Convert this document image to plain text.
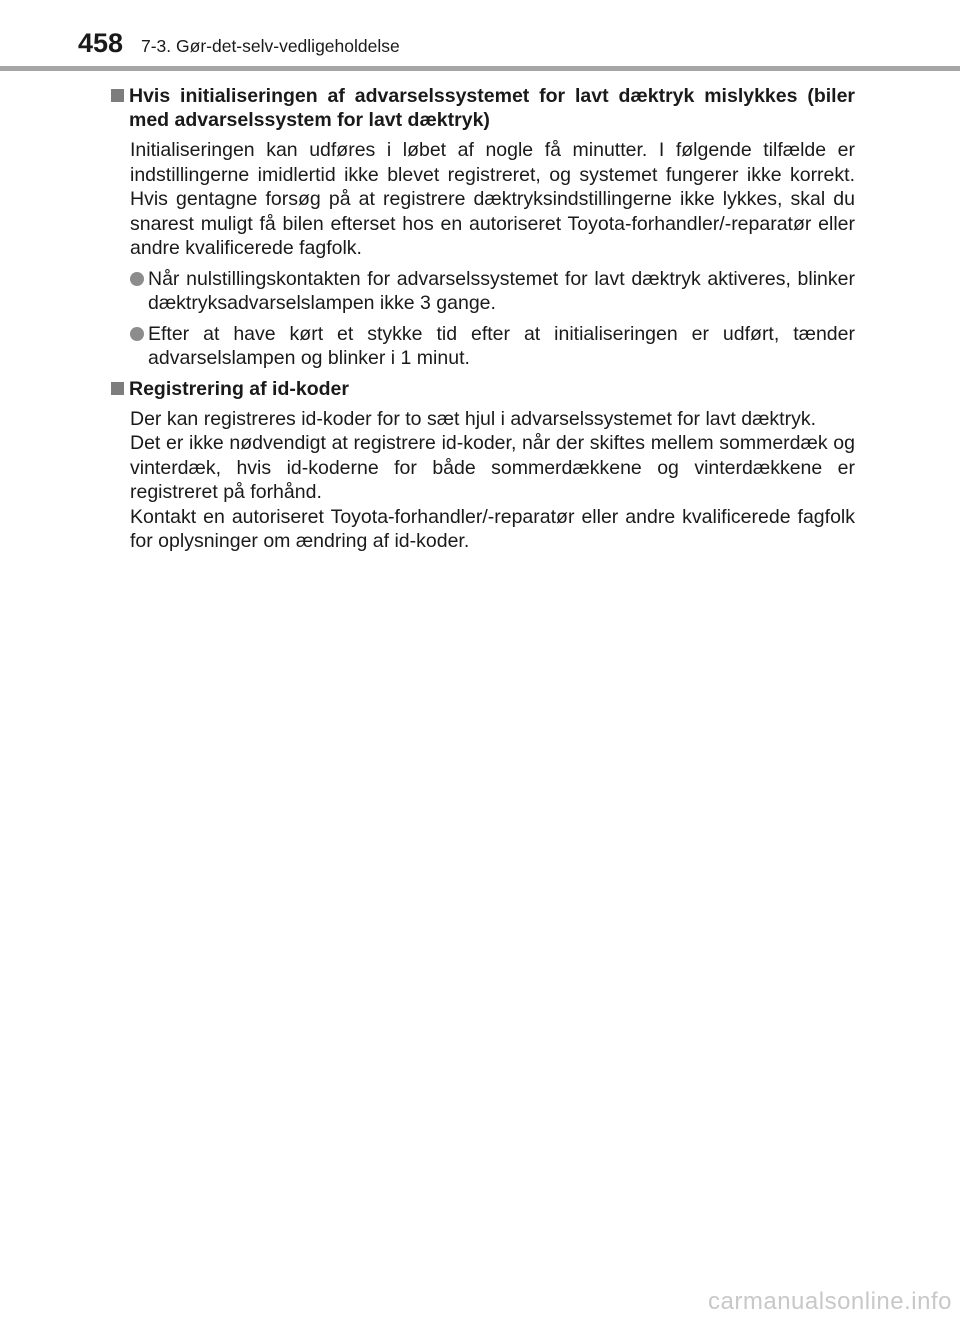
458 7-3. Gør-det-selv-vedligeholdelse
Hvis initialiseringen af advarselssystemet for lavt dæktryk mislykkes (biler med advarselssystem for lavt dæktryk)
Initialiseringen kan udføres i løbet af nogle få minutter. I følgende tilfælde er indstillingerne imidlertid ikke blevet registreret, og systemet fungerer ikke korrekt. Hvis gentagne forsøg på at registrere dæktryksindstillingerne ikke lykkes, skal du snarest muligt få bilen efterset hos en autoriseret Toyota-forhandler/-reparatør eller andre kvalificerede fagfolk.
Når nulstillingskontakten for advarselssystemet for lavt dæktryk aktiveres, blinker dæktryksadvarselslampen ikke 3 gange.
Efter at have kørt et stykke tid efter at initialiseringen er udført, tænder advarselslampen og blinker i 1 minut.
Registrering af id-koder
Der kan registreres id-koder for to sæt hjul i advarselssystemet for lavt dæktryk.
Det er ikke nødvendigt at registrere id-koder, når der skiftes mellem sommerdæk og vinterdæk, hvis id-koderne for både sommerdækkene og vinterdækkene er registreret på forhånd.
Kontakt en autoriseret Toyota-forhandler/-reparatør eller andre kvalificerede fagfolk for oplysninger om ændring af id-koder.
carmanualsonline.info
